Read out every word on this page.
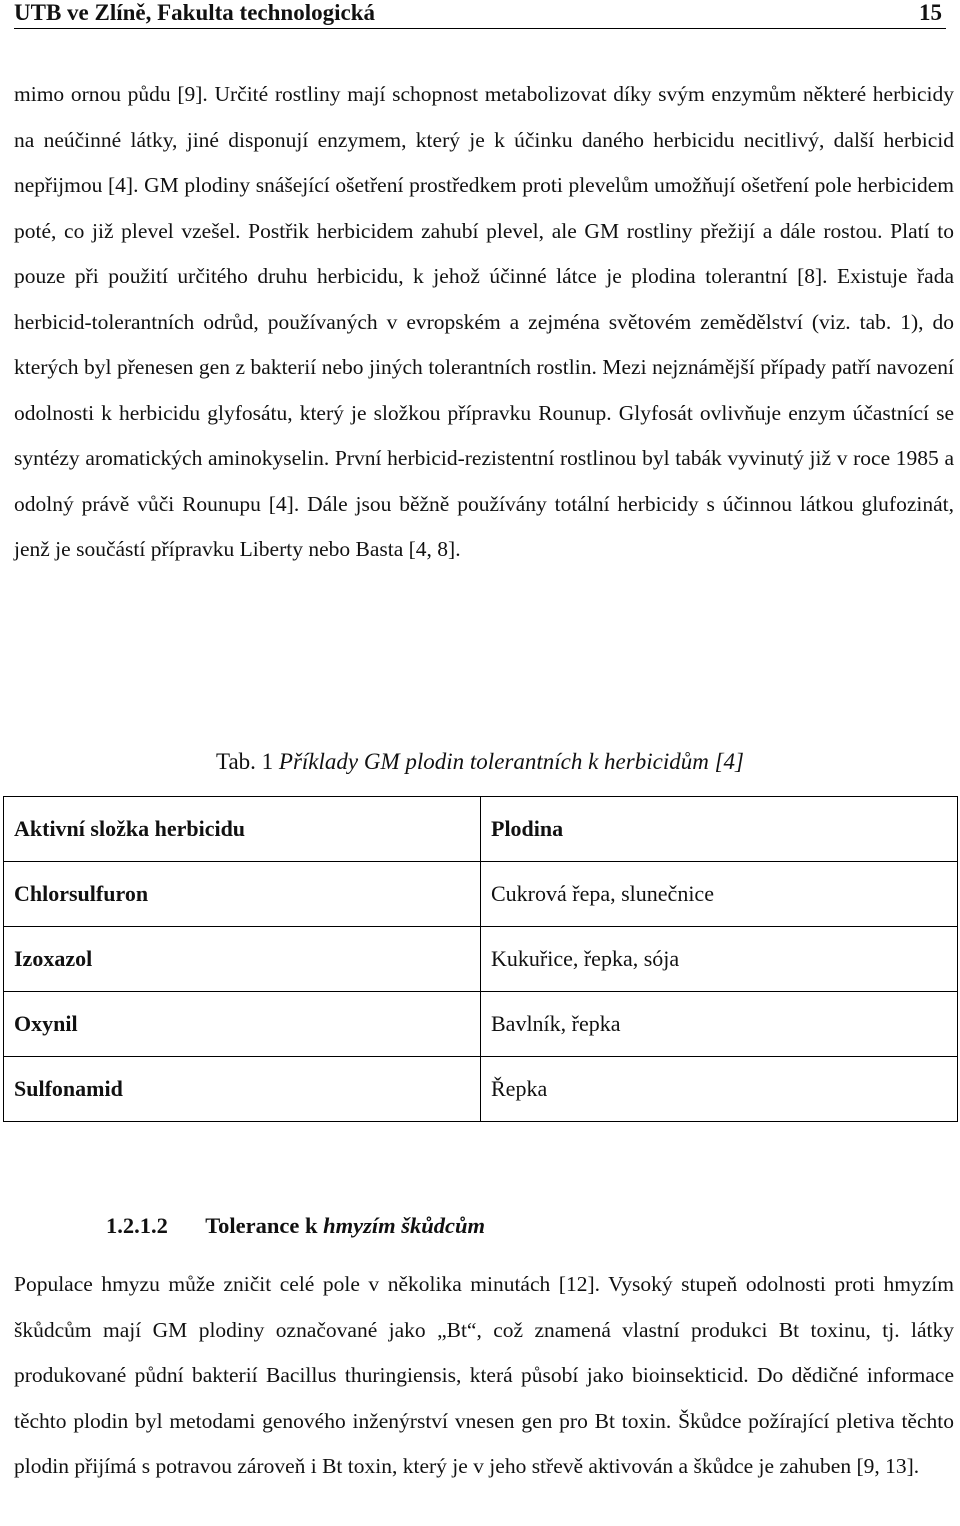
UTB ve Zlíně, Fakulta technologická	15

mimo ornou půdu [9]. Určité rostliny mají schopnost metabolizovat díky svým enzymům některé herbicidy na neúčinné látky, jiné disponují enzymem, který je k účinku daného herbicidu necitlivý, další herbicid nepřijmou [4]. GM plodiny snášející ošetření prostředkem proti plevelům umožňují ošetření pole herbicidem poté, co již plevel vzešel. Postřik herbicidem zahubí plevel, ale GM rostliny přežijí a dále rostou. Platí to pouze při použití určitého druhu herbicidu, k jehož účinné látce je plodina tolerantní [8]. Existuje řada herbicid-tolerantních odrůd, používaných v evropském a zejména světovém zemědělství (viz. tab. 1), do kterých byl přenesen gen z bakterií nebo jiných tolerantních rostlin. Mezi nejznámější případy patří navození odolnosti k herbicidu glyfosátu, který je složkou přípravku Rounup. Glyfosát ovlivňuje enzym účastnící se syntézy aromatických aminokyselin. První herbicid-rezistentní rostlinou byl tabák vyvinutý již v roce 1985 a odolný právě vůči Rounupu [4]. Dále jsou běžně používány totální herbicidy s účinnou látkou glufozinát, jenž je součástí přípravku Liberty nebo Basta [4, 8].

Tab. 1 Příklady GM plodin tolerantních k herbicidům [4]
Aktivní složka herbicidu	Plodina
Chlorsulfuron	Cukrová řepa, slunečnice
Izoxazol	Kukuřice, řepka, sója
Oxynil	Bavlník, řepka
Sulfonamid	Řepka
1.2.1.2 Tolerance k hmyzím škůdcům

Populace hmyzu může zničit celé pole v několika minutách [12]. Vysoký stupeň odolnosti proti hmyzím škůdcům mají GM plodiny označované jako „Bt“, což znamená vlastní produkci Bt toxinu, tj. látky produkované půdní bakterií Bacillus thuringiensis, která působí jako bioinsekticid. Do dědičné informace těchto plodin byl metodami genového inženýrství vnesen gen pro Bt toxin. Škůdce požírající pletiva těchto plodin přijímá s potravou zároveň i Bt toxin, který je v jeho střevě aktivován a škůdce je zahuben [9, 13].
